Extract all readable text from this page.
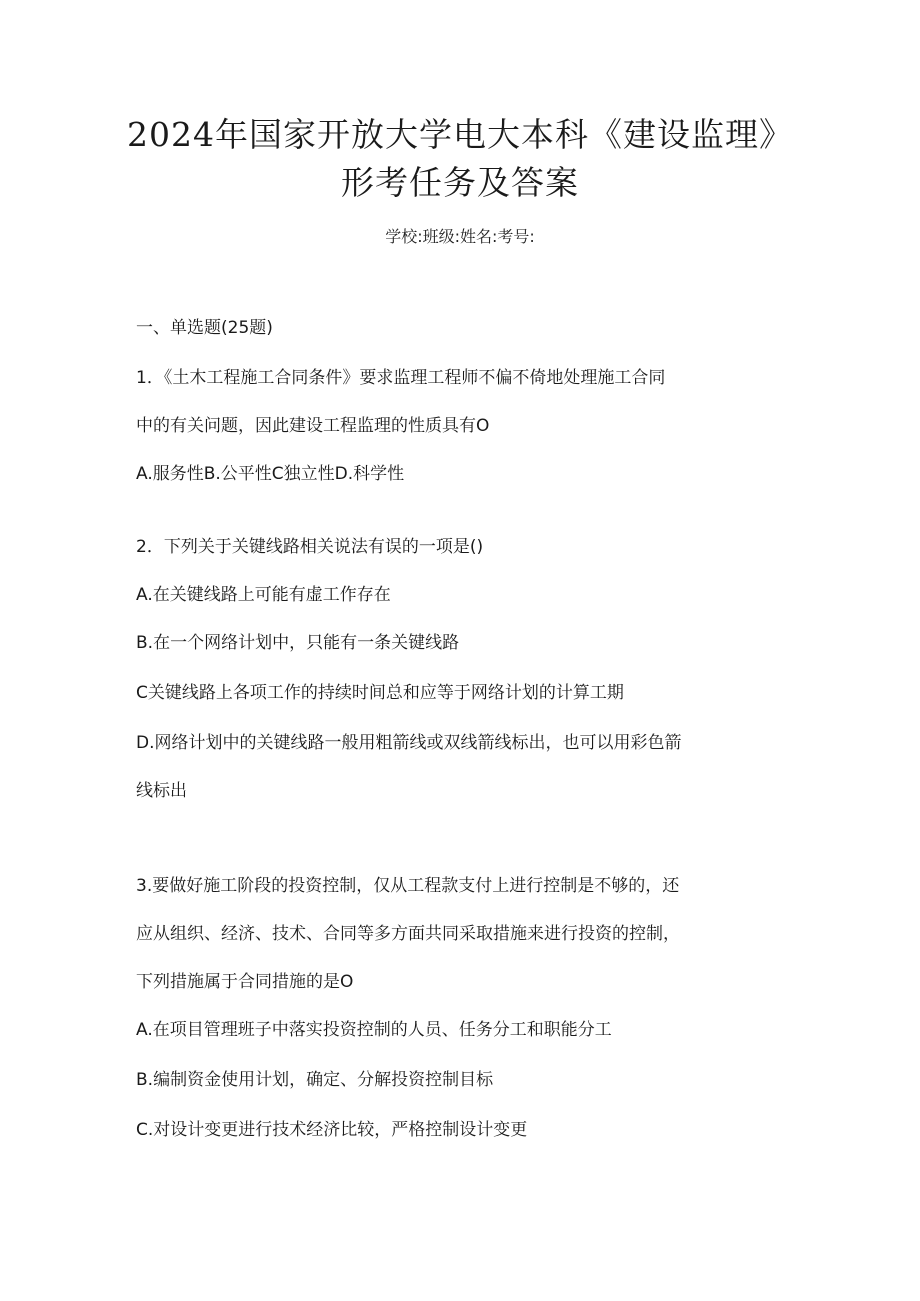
2024年国家开放大学电大本科《建设监理》
形考任务及答案
学校:班级:姓名:考号:
一、单选题(25题)
1．《土木工程施工合同条件》要求监理工程师不偏不倚地处理施工合同
中的有关问题，因此建设工程监理的性质具有O
A.服务性B.公平性C独立性D.科学性
2．下列关于关键线路相关说法有误的一项是()
A.在关键线路上可能有虚工作存在
B.在一个网络计划中，只能有一条关键线路
C关键线路上各项工作的持续时间总和应等于网络计划的计算工期
D.网络计划中的关键线路一般用粗箭线或双线箭线标出，也可以用彩色箭
线标出
3.要做好施工阶段的投资控制，仅从工程款支付上进行控制是不够的，还
应从组织、经济、技术、合同等多方面共同采取措施来进行投资的控制，
下列措施属于合同措施的是O
A.在项目管理班子中落实投资控制的人员、任务分工和职能分工
B.编制资金使用计划，确定、分解投资控制目标
C.对设计变更进行技术经济比较，严格控制设计变更
